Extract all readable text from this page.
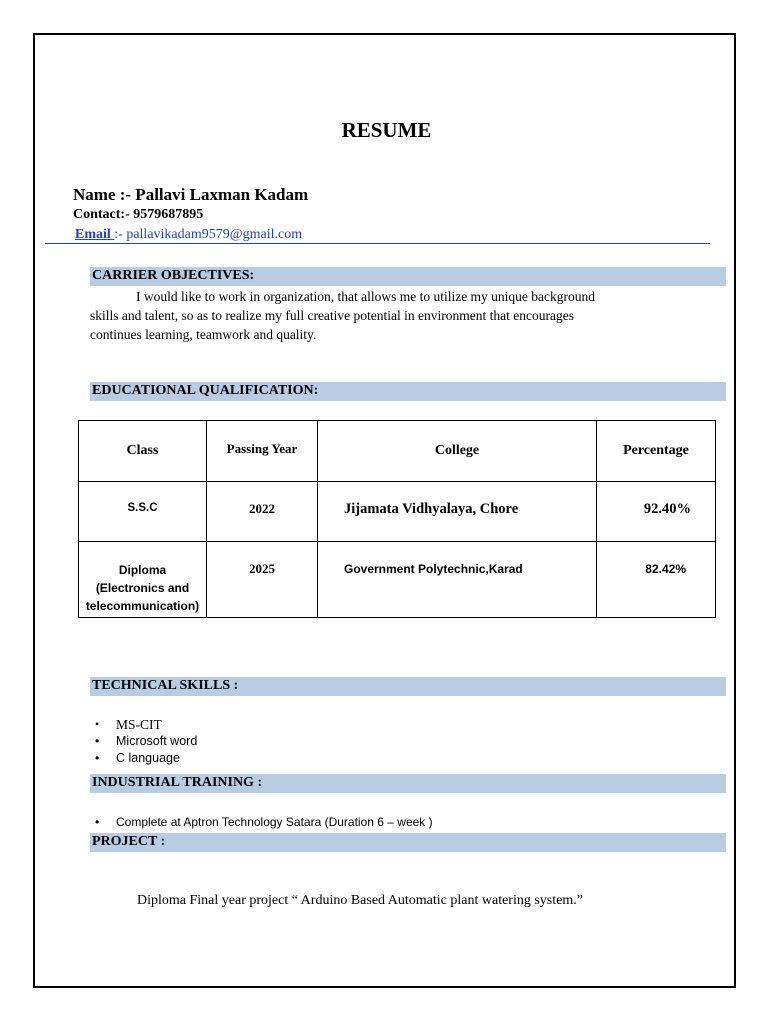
RESUME
Name :- Pallavi Laxman Kadam
Contact:- 9579687895
Email :- pallavikadam9579@gmail.com
CARRIER OBJECTIVES:
I would like to work in organization, that allows me to utilize my unique background
skills and talent, so as to realize my full creative potential in environment that encourages
continues learning, teamwork and quality.
EDUCATIONAL QUALIFICATION:
Class	Passing Year	College	Percentage
S.S.C	2022	Jijamata Vidhyalaya, Chore	92.40%
Diploma
(Electronics and
telecommunication)	2025	Government Polytechnic,Karad	82.42%
TECHNICAL SKILLS :
• MS-CIT
• Microsoft word
• C language
INDUSTRIAL TRAINING :
• Complete at Aptron Technology Satara (Duration 6 – week )
PROJECT :
Diploma Final year project “ Arduino Based Automatic plant watering system.”
